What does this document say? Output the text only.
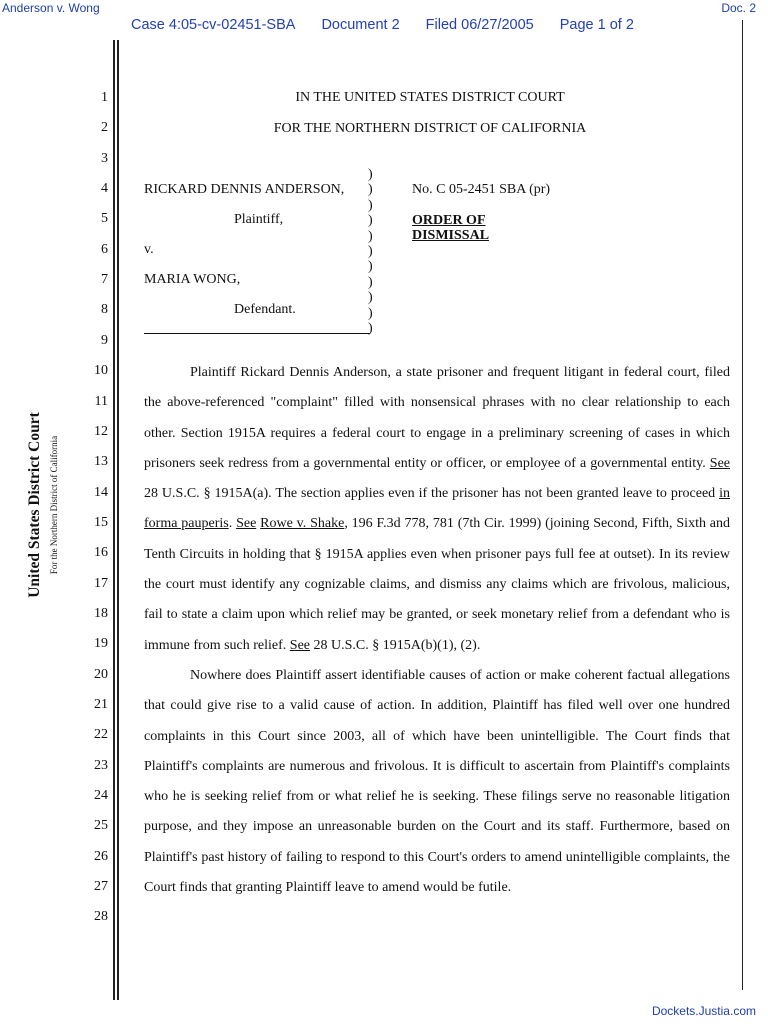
Anderson v. Wong	Doc. 2
Case 4:05-cv-02451-SBA Document 2 Filed 06/27/2005 Page 1 of 2
United States District Court For the Northern District of California
1
2
3
4
5
6
7
8
9
10
11
12
13
14
15
16
17
18
19
20
21
22
23
24
25
26
27
28
IN THE UNITED STATES DISTRICT COURT
FOR THE NORTHERN DISTRICT OF CALIFORNIA
RICKARD DENNIS ANDERSON,
Plaintiff,
v.
MARIA WONG,
Defendant.
)
)
)
)
)
)
)
)
)
)
)
No. C 05-2451 SBA (pr)
ORDER OF
DISMISSAL

Plaintiff Rickard Dennis Anderson, a state prisoner and frequent litigant in federal court, filed the above-referenced "complaint" filled with nonsensical phrases with no clear relationship to each other. Section 1915A requires a federal court to engage in a preliminary screening of cases in which prisoners seek redress from a governmental entity or officer, or employee of a governmental entity. See 28 U.S.C. § 1915A(a). The section applies even if the prisoner has not been granted leave to proceed in forma pauperis. See Rowe v. Shake, 196 F.3d 778, 781 (7th Cir. 1999) (joining Second, Fifth, Sixth and Tenth Circuits in holding that § 1915A applies even when prisoner pays full fee at outset). In its review the court must identify any cognizable claims, and dismiss any claims which are frivolous, malicious, fail to state a claim upon which relief may be granted, or seek monetary relief from a defendant who is immune from such relief. See 28 U.S.C. § 1915A(b)(1), (2).

Nowhere does Plaintiff assert identifiable causes of action or make coherent factual allegations that could give rise to a valid cause of action. In addition, Plaintiff has filed well over one hundred complaints in this Court since 2003, all of which have been unintelligible. The Court finds that Plaintiff's complaints are numerous and frivolous. It is difficult to ascertain from Plaintiff's complaints who he is seeking relief from or what relief he is seeking. These filings serve no reasonable litigation purpose, and they impose an unreasonable burden on the Court and its staff. Furthermore, based on Plaintiff's past history of failing to respond to this Court's orders to amend unintelligible complaints, the Court finds that granting Plaintiff leave to amend would be futile.

Dockets.Justia.com
